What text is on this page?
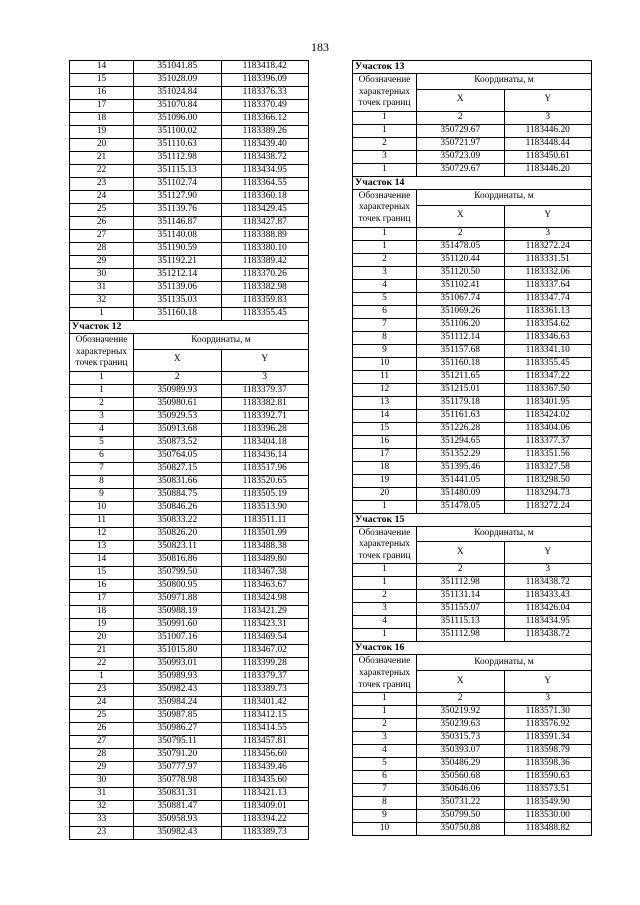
183
14	351041.85	1183418.42
15	351028.09	1183396.09
16	351024.84	1183376.33
17	351070.84	1183370.49
18	351096.00	1183366.12
19	351100.02	1183389.26
20	351110.63	1183439.40
21	351112.98	1183438.72
22	351115.13	1183434.95
23	351102.74	1183364.55
24	351127.90	1183360.18
25	351139.76	1183429.45
26	351146.87	1183427.87
27	351140.08	1183388.89
28	351190.59	1183380.10
29	351192.21	1183389.42
30	351212.14	1183370.26
31	351139.06	1183382.98
32	351135.03	1183359.83
1	351160.18	1183355.45
Участок 12		
Обозначение характерных точек границ	Координаты, м	
	X	Y
1	2	3
1	350989.93	1183379.37
2	350980.61	1183382.81
3	350929.53	1183392.71
4	350913.68	1183396.28
5	350873.52	1183404.18
6	350764.05	1183436.14
7	350827.15	1183517.96
8	350831.66	1183520.65
9	350884.75	1183505.19
10	350846.26	1183513.90
11	350833.22	1183511.11
12	350826.20	1183501.99
13	350823.11	1183488.38
14	350816.86	1183489.80
15	350799.50	1183467.38
16	350800.95	1183463.67
17	350971.88	1183424.98
18	350988.19	1183421.29
19	350991.60	1183423.31
20	351007.16	1183469.54
21	351015.80	1183467.02
22	350993.01	1183399.28
1	350989.93	1183379.37
23	350982.43	1183389.73
24	350984.24	1183401.42
25	350987.85	1183412.15
26	350986.27	1183414.55
27	350795.11	1183457.81
28	350791.20	1183456.60
29	350777.97	1183439.46
30	350778.98	1183435.60
31	350831.31	1183421.13
32	350881.47	1183409.01
33	350958.93	1183394.22
23	350982.43	1183389.73
Участок 13		
Обозначение характерных точек границ	Координаты, м	
	X	Y
1	2	3
1	350729.67	1183446.20
2	350721.97	1183448.44
3	350723.09	1183450.61
1	350729.67	1183446.20
Участок 14		
Обозначение характерных точек границ	Координаты, м	
	X	Y
1	2	3
1	351478.05	1183272.24
2	351120.44	1183331.51
3	351120.50	1183332.06
4	351102.41	1183337.64
5	351067.74	1183347.74
6	351069.26	1183361.13
7	351106.20	1183354.62
8	351112.14	1183346.63
9	351157.68	1183341.10
10	351160.18	1183355.45
11	351211.65	1183347.22
12	351215.01	1183367.50
13	351179.18	1183401.95
14	351161.63	1183424.02
15	351226.28	1183404.06
16	351294.65	1183377.37
17	351352.29	1183351.56
18	351395.46	1183327.58
19	351441.05	1183298.50
20	351480.09	1183294.73
1	351478.05	1183272.24
Участок 15		
Обозначение характерных точек границ	Координаты, м	
	X	Y
1	2	3
1	351112.98	1183438.72
2	351131.14	1183433.43
3	351155.07	1183426.04
4	351115.13	1183434.95
1	351112.98	1183438.72
Участок 16		
Обозначение характерных точек границ	Координаты, м	
	X	Y
1	2	3
1	350219.92	1183571.30
2	350239.63	1183576.92
3	350315.73	1183591.34
4	350393.07	1183598.79
5	350486.29	1183598.36
6	350560.68	1183590.63
7	350646.06	1183573.51
8	350731.22	1183549.90
9	350799.50	1183530.00
10	350750.88	1183488.82
